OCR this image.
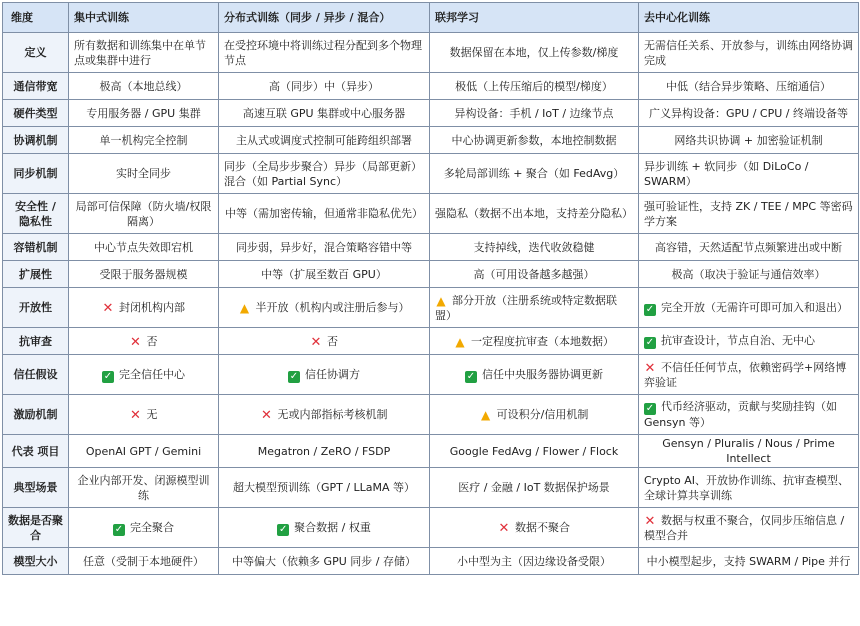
维度	集中式训练	分布式训练（同步 / 异步 / 混合）	联邦学习	去中心化训练
定义	所有数据和训练集中在单节点或集群中进行	在受控环境中将训练过程分配到多个物理节点	数据保留在本地，仅上传参数/梯度	无需信任关系、开放参与，训练由网络协调完成
通信带宽	极高（本地总线）	高（同步）中（异步）	极低（上传压缩后的模型/梯度）	中低（结合异步策略、压缩通信）
硬件类型	专用服务器 / GPU 集群	高速互联 GPU 集群或中心服务器	异构设备：手机 / IoT / 边缘节点	广义异构设备：GPU / CPU / 终端设备等
协调机制	单一机构完全控制	主从式或调度式控制可能跨组织部署	中心协调更新参数，本地控制数据	网络共识协调 + 加密验证机制
同步机制	实时全同步	同步（全局步步聚合）异步（局部更新）混合（如 Partial Sync）	多轮局部训练 + 聚合（如 FedAvg）	异步训练 + 软同步（如 DiLoCo / SWARM）
安全性 / 隐私性	局部可信保障（防火墙/权限隔离）	中等（需加密传输，但通常非隐私优先）	强隐私（数据不出本地，支持差分隐私）	强可验证性，支持 ZK / TEE / MPC 等密码学方案
容错机制	中心节点失效即宕机	同步弱，异步好，混合策略容错中等	支持掉线，迭代收敛稳健	高容错，天然适配节点频繁进出或中断
扩展性	受限于服务器规模	中等（扩展至数百 GPU）	高（可用设备越多越强）	极高（取决于验证与通信效率）
开放性	✕ 封闭机构内部	▲ 半开放（机构内或注册后参与）	▲ 部分开放（注册系统或特定数据联盟）	✓ 完全开放（无需许可即可加入和退出）
抗审查	✕ 否	✕ 否	▲ 一定程度抗审查（本地数据）	✓ 抗审查设计，节点自治、无中心
信任假设	✓ 完全信任中心	✓ 信任协调方	✓ 信任中央服务器协调更新	✕ 不信任任何节点，依赖密码学+网络博弈验证
激励机制	✕ 无	✕ 无或内部指标考核机制	▲ 可设积分/信用机制	✓ 代币经济驱动，贡献与奖励挂钩（如 Gensyn 等）
代表 项目	OpenAI GPT / Gemini	Megatron / ZeRO / FSDP	Google FedAvg / Flower / Flock	Gensyn / Pluralis / Nous / Prime Intellect
典型场景	企业内部开发、闭源模型训练	超大模型预训练（GPT / LLaMA 等）	医疗 / 金融 / IoT 数据保护场景	Crypto AI、开放协作训练、抗审查模型、全球计算共享训练
数据是否聚合	✓ 完全聚合	✓ 聚合数据 / 权重	✕ 数据不聚合	✕ 数据与权重不聚合，仅同步压缩信息 / 模型合并
模型大小	任意（受制于本地硬件）	中等偏大（依赖多 GPU 同步 / 存储）	小中型为主（因边缘设备受限）	中小模型起步，支持 SWARM / Pipe 并行
